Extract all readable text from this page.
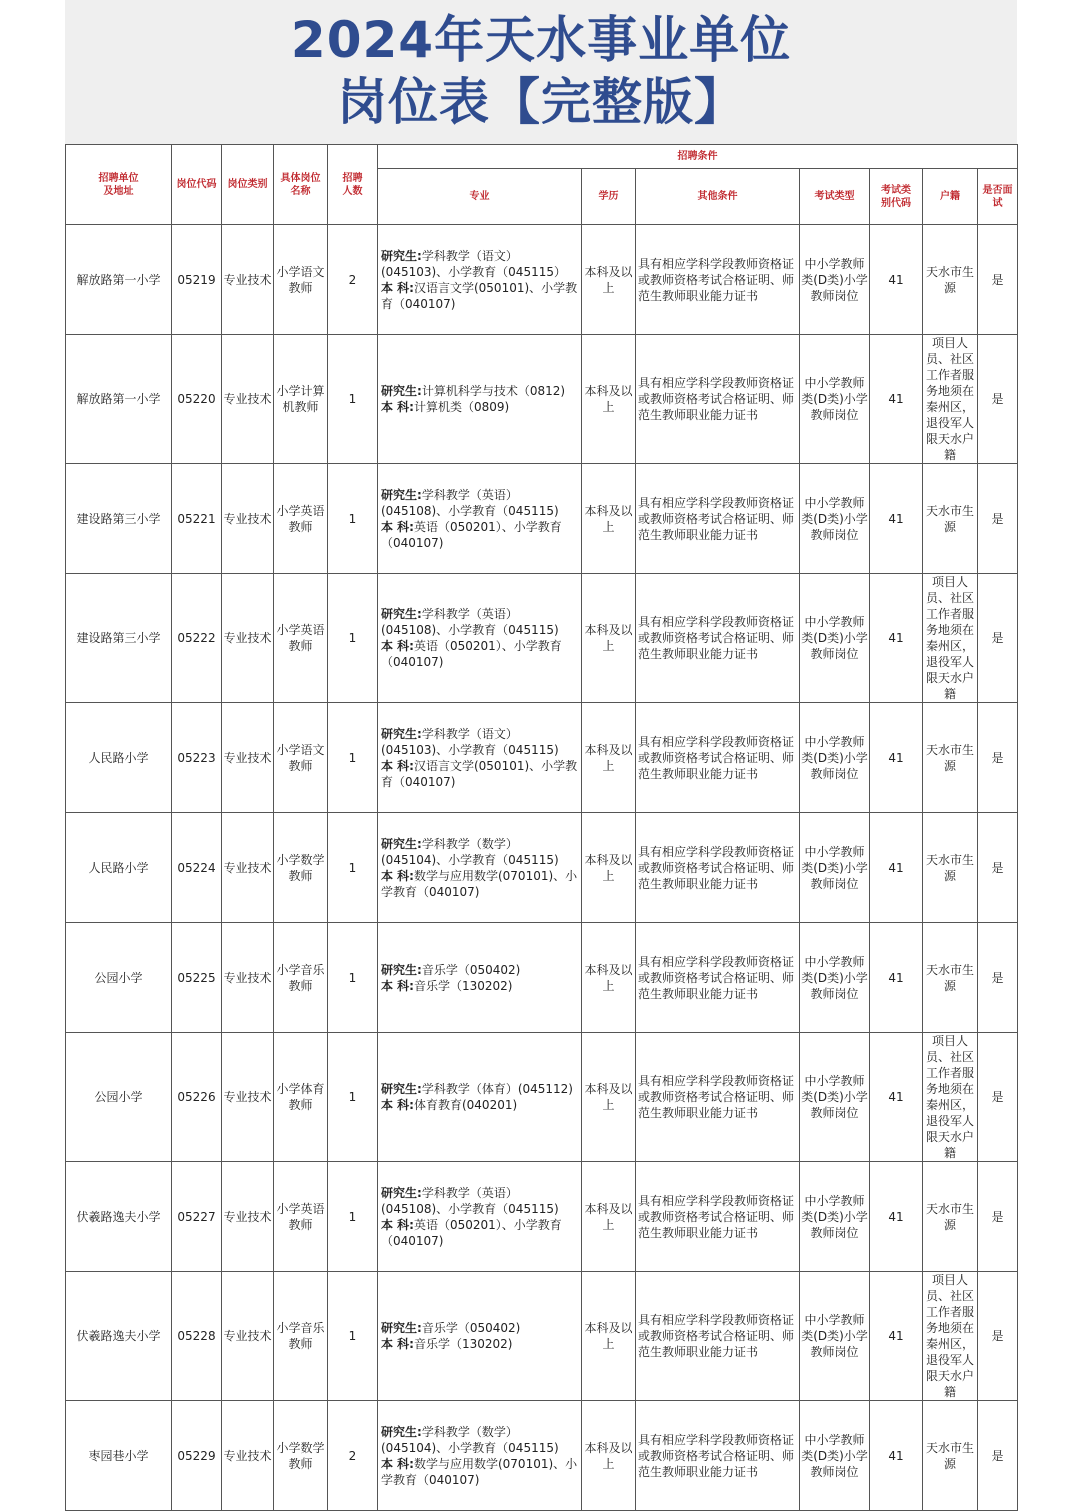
2024年天水事业单位
岗位表【完整版】
招聘单位
及地址	岗位代码	岗位类别	具体岗位
名称	招聘
人数	招聘条件						
					专业	学历	其他条件	考试类型	考试类
别代码	户籍	是否面
试
解放路第一小学	05219	专业技术	小学语文教师	2	研究生:学科教学（语文）(045103)、小学教育（045115）
本 科:汉语言文学(050101)、小学教育（040107)	本科及以上	具有相应学科学段教师资格证或教师资格考试合格证明、师范生教师职业能力证书	中小学教师类(D类)小学教师岗位	41	天水市生源	是
解放路第一小学	05220	专业技术	小学计算机教师	1	研究生:计算机科学与技术（0812)
本 科:计算机类（0809)	本科及以上	具有相应学科学段教师资格证或教师资格考试合格证明、师范生教师职业能力证书	中小学教师类(D类)小学教师岗位	41	项目人员、社区工作者服务地须在秦州区，退役军人限天水户籍	是
建设路第三小学	05221	专业技术	小学英语教师	1	研究生:学科教学（英语）(045108)、小学教育（045115)
本 科:英语（050201）、小学教育（040107)	本科及以上	具有相应学科学段教师资格证或教师资格考试合格证明、师范生教师职业能力证书	中小学教师类(D类)小学教师岗位	41	天水市生源	是
建设路第三小学	05222	专业技术	小学英语教师	1	研究生:学科教学（英语）(045108)、小学教育（045115)
本 科:英语（050201）、小学教育（040107)	本科及以上	具有相应学科学段教师资格证或教师资格考试合格证明、师范生教师职业能力证书	中小学教师类(D类)小学教师岗位	41	项目人员、社区工作者服务地须在秦州区，退役军人限天水户籍	是
人民路小学	05223	专业技术	小学语文教师	1	研究生:学科教学（语文）(045103)、小学教育（045115)
本 科:汉语言文学(050101)、小学教育（040107)	本科及以上	具有相应学科学段教师资格证或教师资格考试合格证明、师范生教师职业能力证书	中小学教师类(D类)小学教师岗位	41	天水市生源	是
人民路小学	05224	专业技术	小学数学教师	1	研究生:学科教学（数学）(045104)、小学教育（045115)
本 科:数学与应用数学(070101)、小学教育（040107)	本科及以上	具有相应学科学段教师资格证或教师资格考试合格证明、师范生教师职业能力证书	中小学教师类(D类)小学教师岗位	41	天水市生源	是
公园小学	05225	专业技术	小学音乐教师	1	研究生:音乐学（050402)
本 科:音乐学（130202)	本科及以上	具有相应学科学段教师资格证或教师资格考试合格证明、师范生教师职业能力证书	中小学教师类(D类)小学教师岗位	41	天水市生源	是
公园小学	05226	专业技术	小学体育教师	1	研究生:学科教学（体育）(045112)
本 科:体育教育(040201)	本科及以上	具有相应学科学段教师资格证或教师资格考试合格证明、师范生教师职业能力证书	中小学教师类(D类)小学教师岗位	41	项目人员、社区工作者服务地须在秦州区，退役军人限天水户籍	是
伏羲路逸夫小学	05227	专业技术	小学英语教师	1	研究生:学科教学（英语）(045108)、小学教育（045115)
本 科:英语（050201）、小学教育（040107)	本科及以上	具有相应学科学段教师资格证或教师资格考试合格证明、师范生教师职业能力证书	中小学教师类(D类)小学教师岗位	41	天水市生源	是
伏羲路逸夫小学	05228	专业技术	小学音乐教师	1	研究生:音乐学（050402)
本 科:音乐学（130202)	本科及以上	具有相应学科学段教师资格证或教师资格考试合格证明、师范生教师职业能力证书	中小学教师类(D类)小学教师岗位	41	项目人员、社区工作者服务地须在秦州区，退役军人限天水户籍	是
枣园巷小学	05229	专业技术	小学数学教师	2	研究生:学科教学（数学）(045104)、小学教育（045115)
本 科:数学与应用数学(070101)、小学教育（040107)	本科及以上	具有相应学科学段教师资格证或教师资格考试合格证明、师范生教师职业能力证书	中小学教师类(D类)小学教师岗位	41	天水市生源	是
